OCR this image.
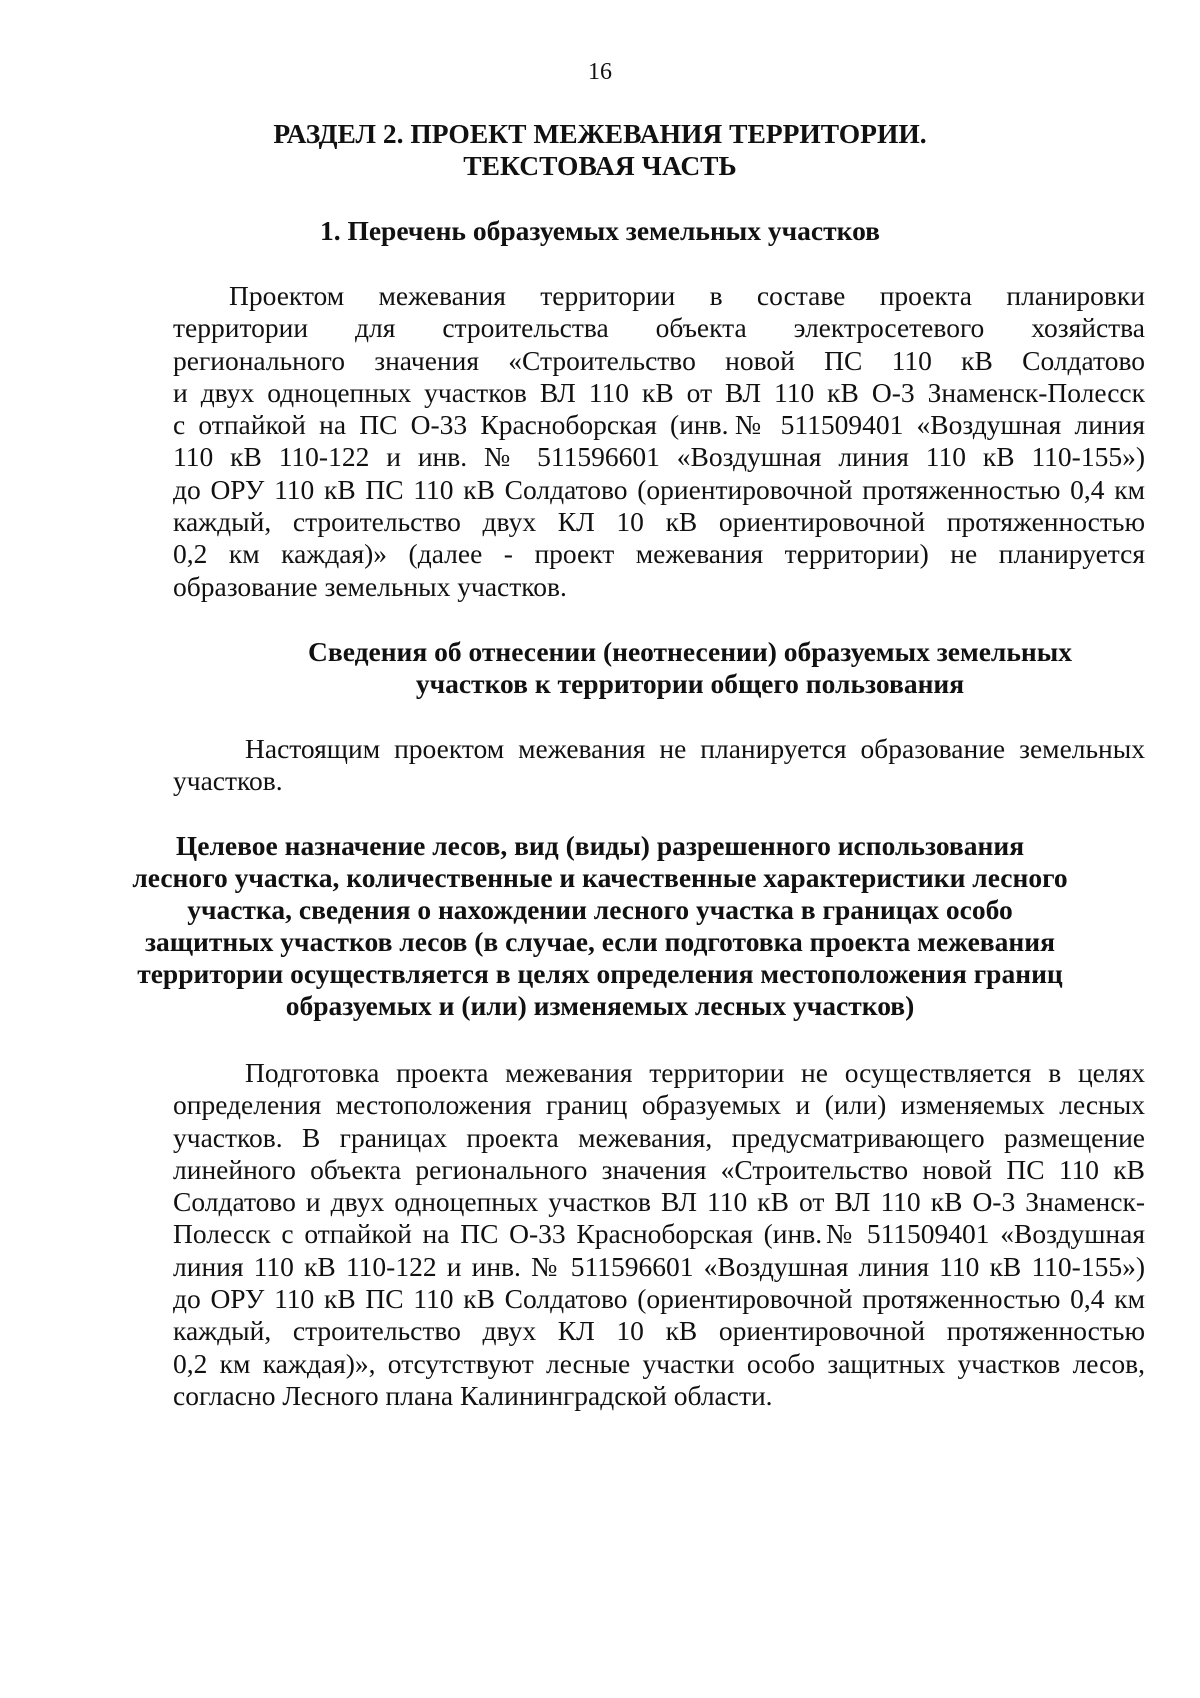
16
РАЗДЕЛ 2. ПРОЕКТ МЕЖЕВАНИЯ ТЕРРИТОРИИ.
ТЕКСТОВАЯ ЧАСТЬ
1. Перечень образуемых земельных участков
Проектом межевания территории в составе проекта планировки
территории для строительства объекта электросетевого хозяйства
регионального значения «Строительство новой ПС 110 кВ Солдатово
и двух одноцепных участков ВЛ 110 кВ от ВЛ 110 кВ О-3 Знаменск-Полесск
с отпайкой на ПС О-33 Красноборская (инв.№ 511509401 «Воздушная линия
110 кВ 110-122 и инв. № 511596601 «Воздушная линия 110 кВ 110-155»)
до ОРУ 110 кВ ПС 110 кВ Солдатово (ориентировочной протяженностью 0,4 км
каждый, строительство двух КЛ 10 кВ ориентировочной протяженностью
0,2 км каждая)» (далее - проект межевания территории) не планируется
образование земельных участков.
Сведения об отнесении (неотнесении) образуемых земельных
участков к территории общего пользования
Настоящим проектом межевания не планируется образование земельных
участков.
Целевое назначение лесов, вид (виды) разрешенного использования
лесного участка, количественные и качественные характеристики лесного
участка, сведения о нахождении лесного участка в границах особо
защитных участков лесов (в случае, если подготовка проекта межевания
территории осуществляется в целях определения местоположения границ
образуемых и (или) изменяемых лесных участков)
Подготовка проекта межевания территории не осуществляется в целях
определения местоположения границ образуемых и (или) изменяемых лесных
участков. В границах проекта межевания, предусматривающего размещение
линейного объекта регионального значения «Строительство новой ПС 110 кВ
Солдатово и двух одноцепных участков ВЛ 110 кВ от ВЛ 110 кВ О-3 Знаменск-
Полесск с отпайкой на ПС О-33 Красноборская (инв.№ 511509401 «Воздушная
линия 110 кВ 110-122 и инв. № 511596601 «Воздушная линия 110 кВ 110-155»)
до ОРУ 110 кВ ПС 110 кВ Солдатово (ориентировочной протяженностью 0,4 км
каждый, строительство двух КЛ 10 кВ ориентировочной протяженностью
0,2 км каждая)», отсутствуют лесные участки особо защитных участков лесов,
согласно Лесного плана Калининградской области.
